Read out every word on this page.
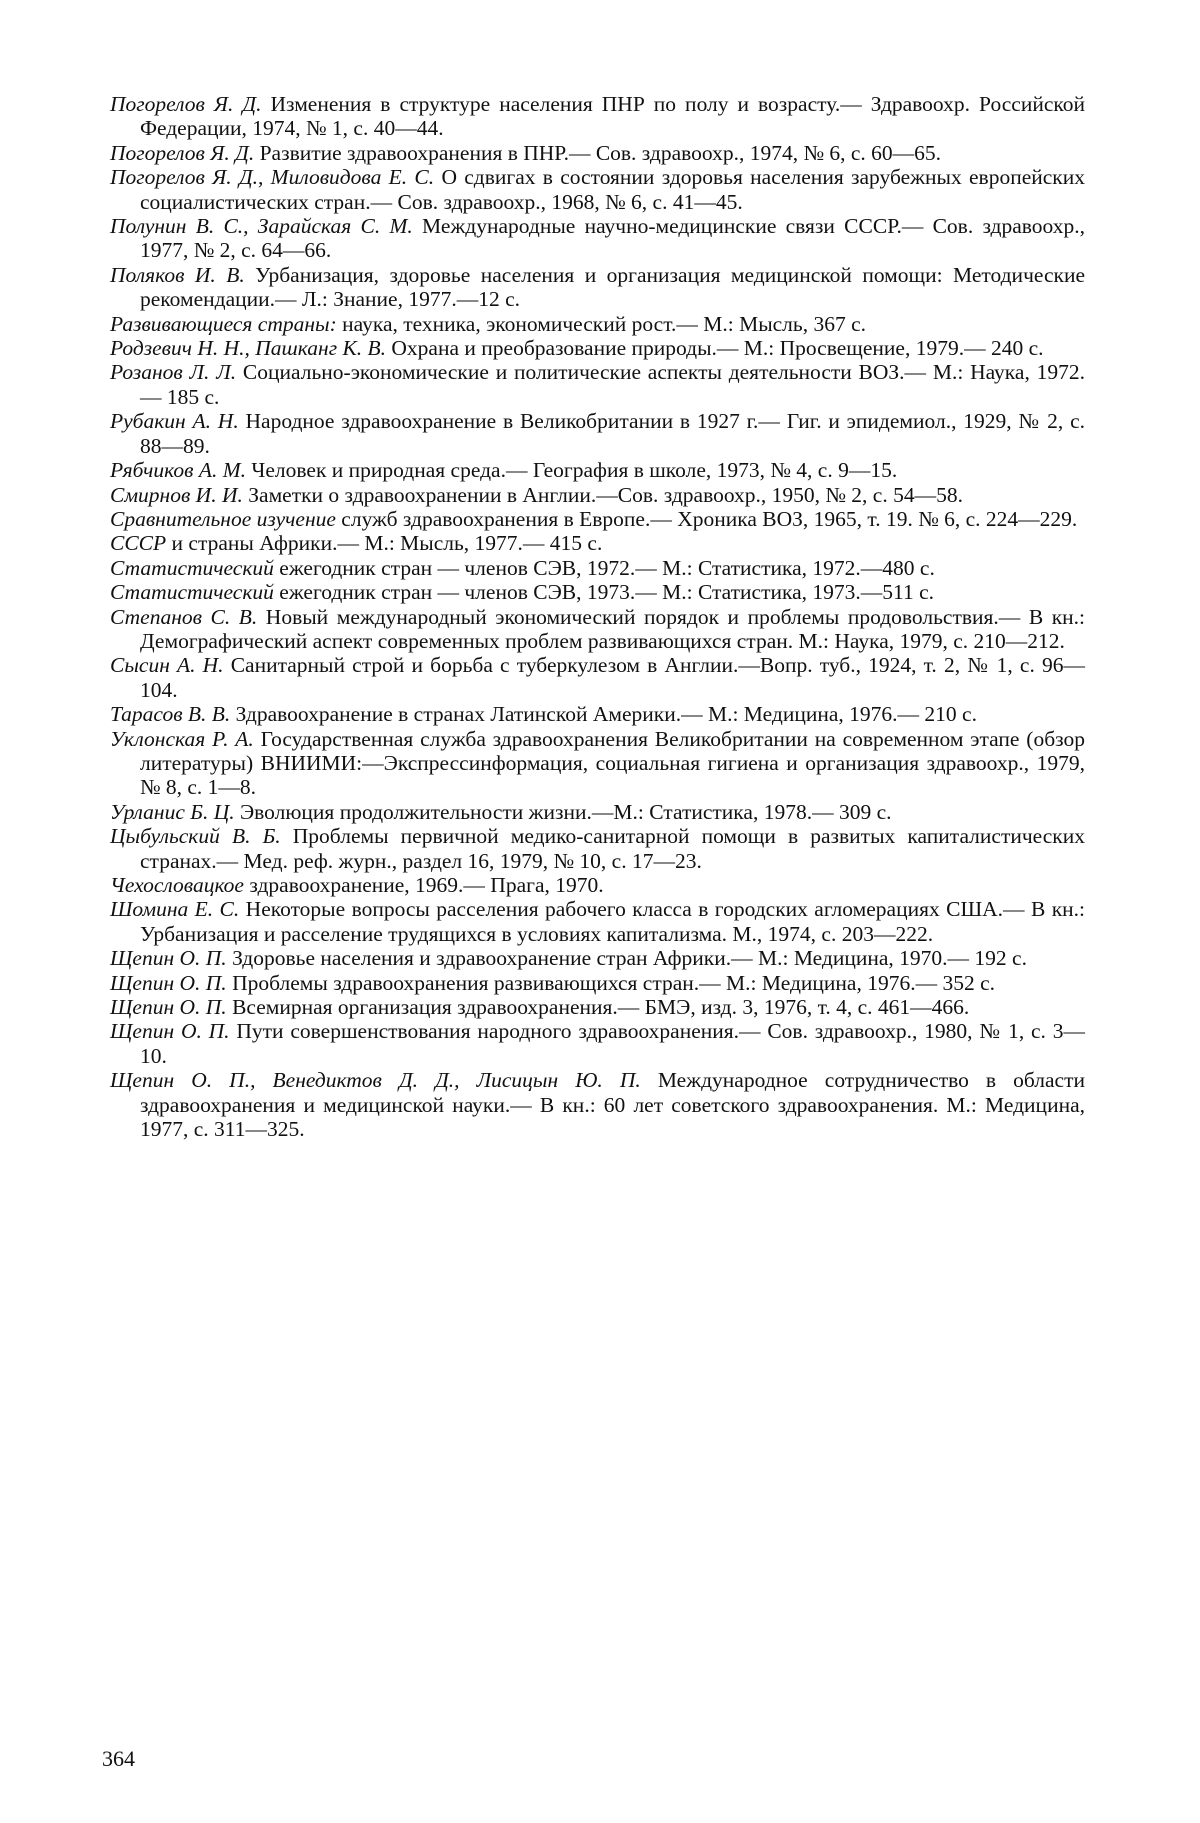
Погорелов Я. Д. Изменения в структуре населения ПНР по полу и возрасту.— Здравоохр. Российской Федерации, 1974, № 1, с. 40—44.
Погорелов Я. Д. Развитие здравоохранения в ПНР.— Сов. здравоохр., 1974, № 6, с. 60—65.
Погорелов Я. Д., Миловидова Е. С. О сдвигах в состоянии здоровья населения зарубежных европейских социалистических стран.— Сов. здравоохр., 1968, № 6, с. 41—45.
Полунин В. С., Зарайская С. М. Международные научно-медицинские связи СССР.— Сов. здравоохр., 1977, № 2, с. 64—66.
Поляков И. В. Урбанизация, здоровье населения и организация медицинской помощи: Методические рекомендации.— Л.: Знание, 1977.—12 с.
Развивающиеся страны: наука, техника, экономический рост.— М.: Мысль, 367 с.
Родзевич Н. Н., Пашканг К. В. Охрана и преобразование природы.— М.: Просвещение, 1979.— 240 с.
Розанов Л. Л. Социально-экономические и политические аспекты деятельности ВОЗ.— М.: Наука, 1972.— 185 с.
Рубакин А. Н. Народное здравоохранение в Великобритании в 1927 г.— Гиг. и эпидемиол., 1929, № 2, с. 88—89.
Рябчиков А. М. Человек и природная среда.— География в школе, 1973, № 4, с. 9—15.
Смирнов И. И. Заметки о здравоохранении в Англии.—Сов. здравоохр., 1950, № 2, с. 54—58.
Сравнительное изучение служб здравоохранения в Европе.— Хроника ВОЗ, 1965, т. 19. № 6, с. 224—229.
СССР и страны Африки.— М.: Мысль, 1977.— 415 с.
Статистический ежегодник стран — членов СЭВ, 1972.— М.: Статистика, 1972.—480 с.
Статистический ежегодник стран — членов СЭВ, 1973.— М.: Статистика, 1973.—511 с.
Степанов С. В. Новый международный экономический порядок и проблемы продовольствия.— В кн.: Демографический аспект современных проблем развивающихся стран. М.: Наука, 1979, с. 210—212.
Сысин А. Н. Санитарный строй и борьба с туберкулезом в Англии.—Вопр. туб., 1924, т. 2, № 1, с. 96—104.
Тарасов В. В. Здравоохранение в странах Латинской Америки.— М.: Медицина, 1976.— 210 с.
Уклонская Р. А. Государственная служба здравоохранения Великобритании на современном этапе (обзор литературы) ВНИИМИ:—Экспрессинформация, социальная гигиена и организация здравоохр., 1979, № 8, с. 1—8.
Урланис Б. Ц. Эволюция продолжительности жизни.—М.: Статистика, 1978.— 309 с.
Цыбульский В. Б. Проблемы первичной медико-санитарной помощи в развитых капиталистических странах.— Мед. реф. журн., раздел 16, 1979, № 10, с. 17—23.
Чехословацкое здравоохранение, 1969.— Прага, 1970.
Шомина Е. С. Некоторые вопросы расселения рабочего класса в городских агломерациях США.— В кн.: Урбанизация и расселение трудящихся в условиях капитализма. М., 1974, с. 203—222.
Щепин О. П. Здоровье населения и здравоохранение стран Африки.— М.: Медицина, 1970.— 192 с.
Щепин О. П. Проблемы здравоохранения развивающихся стран.— М.: Медицина, 1976.— 352 с.
Щепин О. П. Всемирная организация здравоохранения.— БМЭ, изд. 3, 1976, т. 4, с. 461—466.
Щепин О. П. Пути совершенствования народного здравоохранения.— Сов. здравоохр., 1980, № 1, с. 3—10.
Щепин О. П., Венедиктов Д. Д., Лисицын Ю. П. Международное сотрудничество в области здравоохранения и медицинской науки.— В кн.: 60 лет советского здравоохранения. М.: Медицина, 1977, с. 311—325.
364
